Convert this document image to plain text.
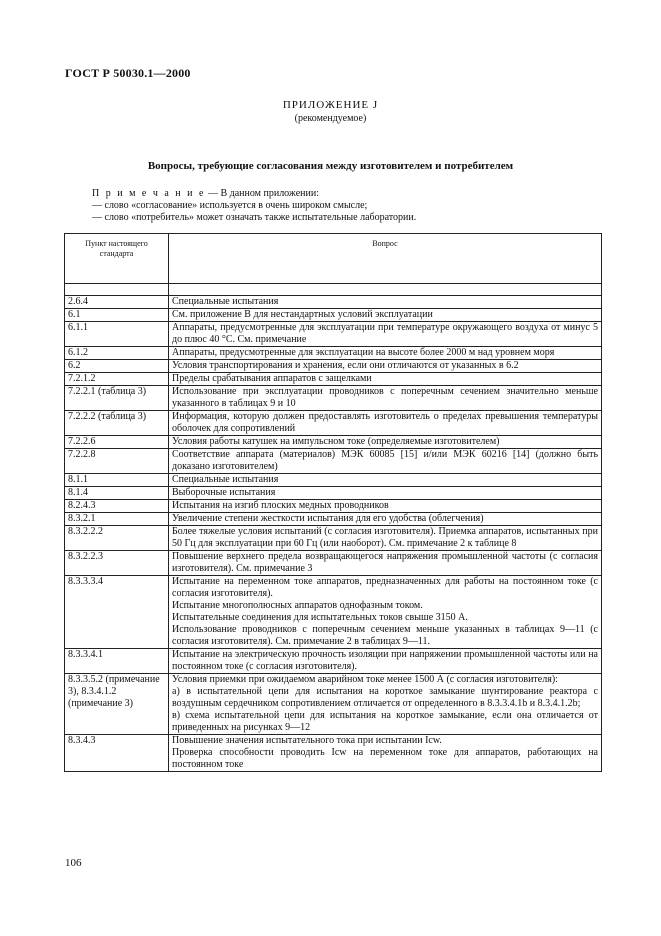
ГОСТ Р 50030.1—2000
ПРИЛОЖЕНИЕ J
(рекомендуемое)
Вопросы, требующие согласования между изготовителем и потребителем
П р и м е ч а н и е — В данном приложении:
— слово «согласование» используется в очень широком смысле;
— слово «потребитель» может означать также испытательные лаборатории.
Пункт настоящего стандарта	Вопрос

2.6.4	Специальные испытания

6.1	См. приложение B для нестандартных условий эксплуатации

6.1.1	Аппараты, предусмотренные для эксплуатации при температуре окружающего воздуха от минус 5 до плюс 40 °С. См. примечание

6.1.2	Аппараты, предусмотренные для эксплуатации на высоте более 2000 м над уровнем моря

6.2	Условия транспортирования и хранения, если они отличаются от указанных в 6.2

7.2.1.2	Пределы срабатывания аппаратов с защелками

7.2.2.1 (таблица 3)	Использование при эксплуатации проводников с поперечным сечением значительно меньше указанного в таблицах 9 и 10

7.2.2.2 (таблица 3)	Информация, которую должен предоставлять изготовитель о пределах превышения температуры оболочек для сопротивлений

7.2.2.6	Условия работы катушек на импульсном токе (определяемые изготовителем)

7.2.2.8	Соответствие аппарата (материалов) МЭК 60085 [15] и/или МЭК 60216 [14] (должно быть доказано изготовителем)

8.1.1	Специальные испытания

8.1.4	Выборочные испытания

8.2.4.3	Испытания на изгиб плоских медных проводников

8.3.2.1	Увеличение степени жесткости испытания для его удобства (облегчения)

8.3.2.2.2	Более тяжелые условия испытаний (с согласия изготовителя). Приемка аппаратов, испытанных при 50 Гц для эксплуатации при 60 Гц (или наоборот). См. примечание 2 к таблице 8

8.3.2.2.3	Повышение верхнего предела возвращающегося напряжения промышленной частоты (с согласия изготовителя). См. примечание 3

8.3.3.3.4	Испытание на переменном токе аппаратов, предназначенных для работы на постоянном токе (с согласия изготовителя).
Испытание многополюсных аппаратов однофазным током.
Испытательные соединения для испытательных токов свыше 3150 А.
Использование проводников с поперечным сечением меньше указанных в таблицах 9—11 (с согласия изготовителя). См. примечание 2 в таблицах 9—11.

8.3.3.4.1	Испытание на электрическую прочность изоляции при напряжении промышленной частоты или на постоянном токе (с согласия изготовителя).

8.3.3.5.2 (примечание 3), 8.3.4.1.2 (примечание 3)	Условия приемки при ожидаемом аварийном токе менее 1500 А (с согласия изготовителя):
а) в испытательной цепи для испытания на короткое замыкание шунтирование реактора с воздушным сердечником сопротивлением отличается от определенного в 8.3.3.4.1b и 8.3.4.1.2b;
в) схема испытательной цепи для испытания на короткое замыкание, если она отличается от приведенных на рисунках 9—12

8.3.4.3	Повышение значения испытательного тока при испытании Icw.
Проверка способности проводить Icw на переменном токе для аппаратов, работающих на постоянном токе
106
